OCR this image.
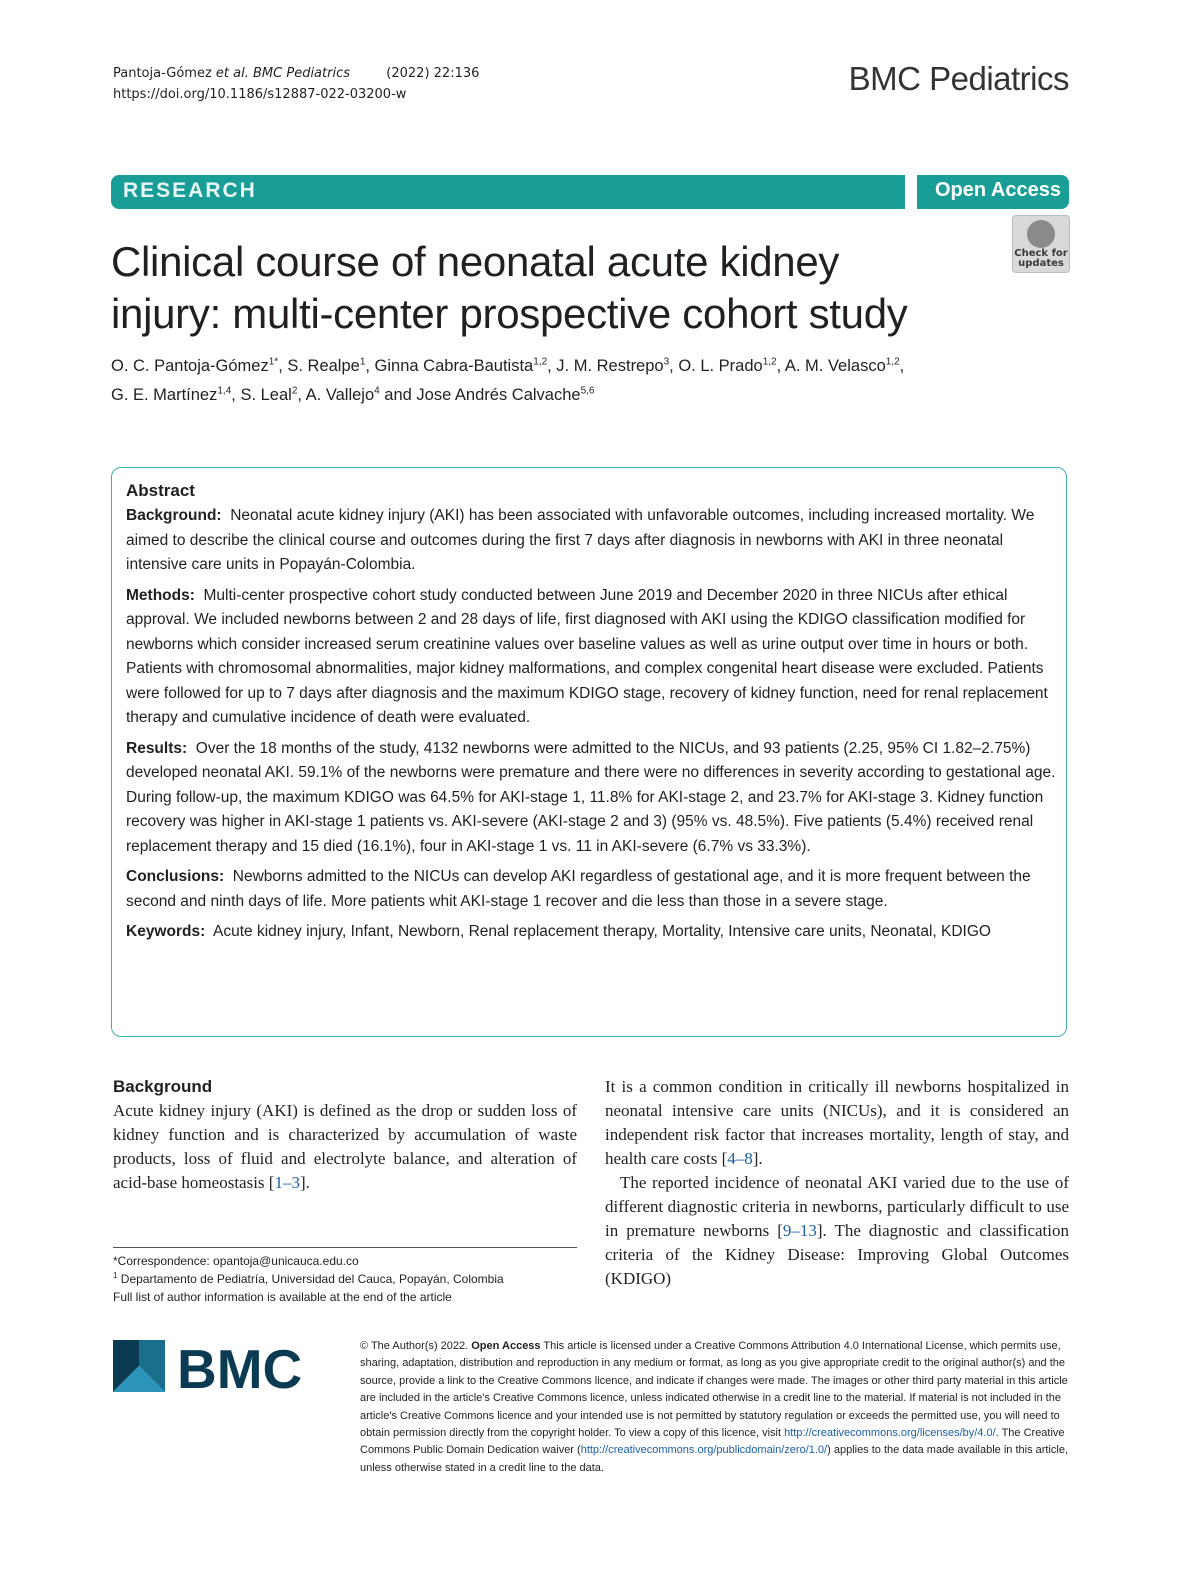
Pantoja-Gómez et al. BMC Pediatrics	(2022) 22:136
https://doi.org/10.1186/s12887-022-03200-w	BMC Pediatrics
RESEARCH	Open Access
Check for
updates
Clinical course of neonatal acute kidney
injury: multi-center prospective cohort study
O. C. Pantoja-Gómez$^{1*}$, S. Realpe$^1$, Ginna Cabra-Bautista$^{1,2}$, J. M. Restrepo$^3$, O. L. Prado$^{1,2}$, A. M. Velasco$^{1,2}$,
G. E. Martínez$^{1,4}$, S. Leal$^2$, A. Vallejo$^4$ and Jose Andrés Calvache$^{5,6}$
Abstract

Background: Neonatal acute kidney injury (AKI) has been associated with unfavorable outcomes, including increased mortality. We aimed to describe the clinical course and outcomes during the first 7 days after diagnosis in newborns with AKI in three neonatal intensive care units in Popayán-Colombia.

Methods: Multi-center prospective cohort study conducted between June 2019 and December 2020 in three NICUs after ethical approval. We included newborns between 2 and 28 days of life, first diagnosed with AKI using the KDIGO classification modified for newborns which consider increased serum creatinine values over baseline values as well as urine output over time in hours or both. Patients with chromosomal abnormalities, major kidney malformations, and complex congenital heart disease were excluded. Patients were followed for up to 7 days after diagnosis and the maximum KDIGO stage, recovery of kidney function, need for renal replacement therapy and cumulative incidence of death were evaluated.

Results: Over the 18 months of the study, 4132 newborns were admitted to the NICUs, and 93 patients (2.25, 95% CI 1.82–2.75%) developed neonatal AKI. 59.1% of the newborns were premature and there were no differences in severity according to gestational age. During follow-up, the maximum KDIGO was 64.5% for AKI-stage 1, 11.8% for AKI-stage 2, and 23.7% for AKI-stage 3. Kidney function recovery was higher in AKI-stage 1 patients vs. AKI-severe (AKI-stage 2 and 3) (95% vs. 48.5%). Five patients (5.4%) received renal replacement therapy and 15 died (16.1%), four in AKI-stage 1 vs. 11 in AKI-severe (6.7% vs 33.3%).

Conclusions: Newborns admitted to the NICUs can develop AKI regardless of gestational age, and it is more frequent between the second and ninth days of life. More patients whit AKI-stage 1 recover and die less than those in a severe stage.

Keywords: Acute kidney injury, Infant, Newborn, Renal replacement therapy, Mortality, Intensive care units, Neonatal, KDIGO

Background

Acute kidney injury (AKI) is defined as the drop or sudden loss of kidney function and is characterized by accumulation of waste products, loss of fluid and electrolyte balance, and alteration of acid-base homeostasis [1–3].

It is a common condition in critically ill newborns hospitalized in neonatal intensive care units (NICUs), and it is considered an independent risk factor that increases mortality, length of stay, and health care costs [4–8].

The reported incidence of neonatal AKI varied due to the use of different diagnostic criteria in newborns, particularly difficult to use in premature newborns [9–13]. The diagnostic and classification criteria of the Kidney Disease: Improving Global Outcomes (KDIGO)

*Correspondence: opantoja@unicauca.edu.co
$^1$ Departamento de Pediatría, Universidad del Cauca, Popayán, Colombia
Full list of author information is available at the end of the article
BMC	© The Author(s) 2022. Open Access This article is licensed under a Creative Commons Attribution 4.0 International License, which permits use, sharing, adaptation, distribution and reproduction in any medium or format, as long as you give appropriate credit to the original author(s) and the source, provide a link to the Creative Commons licence, and indicate if changes were made. The images or other third party material in this article are included in the article's Creative Commons licence, unless indicated otherwise in a credit line to the material. If material is not included in the article's Creative Commons licence and your intended use is not permitted by statutory regulation or exceeds the permitted use, you will need to obtain permission directly from the copyright holder. To view a copy of this licence, visit http://creativecommons.org/licenses/by/4.0/. The Creative Commons Public Domain Dedication waiver (http://creativecommons.org/publicdomain/zero/1.0/) applies to the data made available in this article, unless otherwise stated in a credit line to the data.
